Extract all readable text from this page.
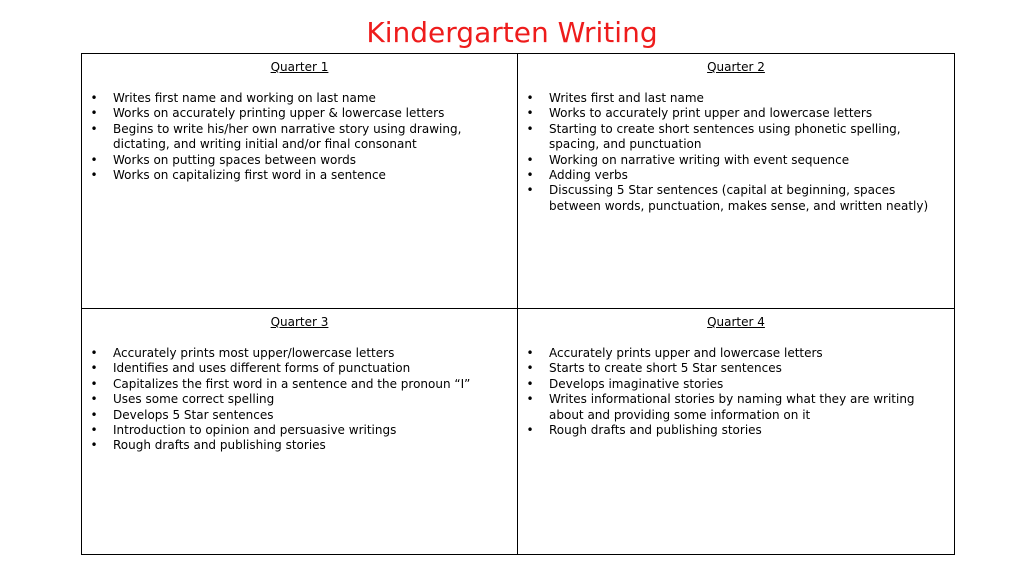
Kindergarten Writing
Quarter 1
• Writes first name and working on last name
• Works on accurately printing upper & lowercase letters
• Begins to write his/her own narrative story using drawing, dictating, and writing initial and/or final consonant
• Works on putting spaces between words
• Works on capitalizing first word in a sentence
Quarter 2
• Writes first and last name
• Works to accurately print upper and lowercase letters
• Starting to create short sentences using phonetic spelling, spacing, and punctuation
• Working on narrative writing with event sequence
• Adding verbs
• Discussing 5 Star sentences (capital at beginning, spaces between words, punctuation, makes sense, and written neatly)
Quarter 3
• Accurately prints most upper/lowercase letters
• Identifies and uses different forms of punctuation
• Capitalizes the first word in a sentence and the pronoun “I”
• Uses some correct spelling
• Develops 5 Star sentences
• Introduction to opinion and persuasive writings
• Rough drafts and publishing stories
Quarter 4
• Accurately prints upper and lowercase letters
• Starts to create short 5 Star sentences
• Develops imaginative stories
• Writes informational stories by naming what they are writing about and providing some information on it
• Rough drafts and publishing stories
